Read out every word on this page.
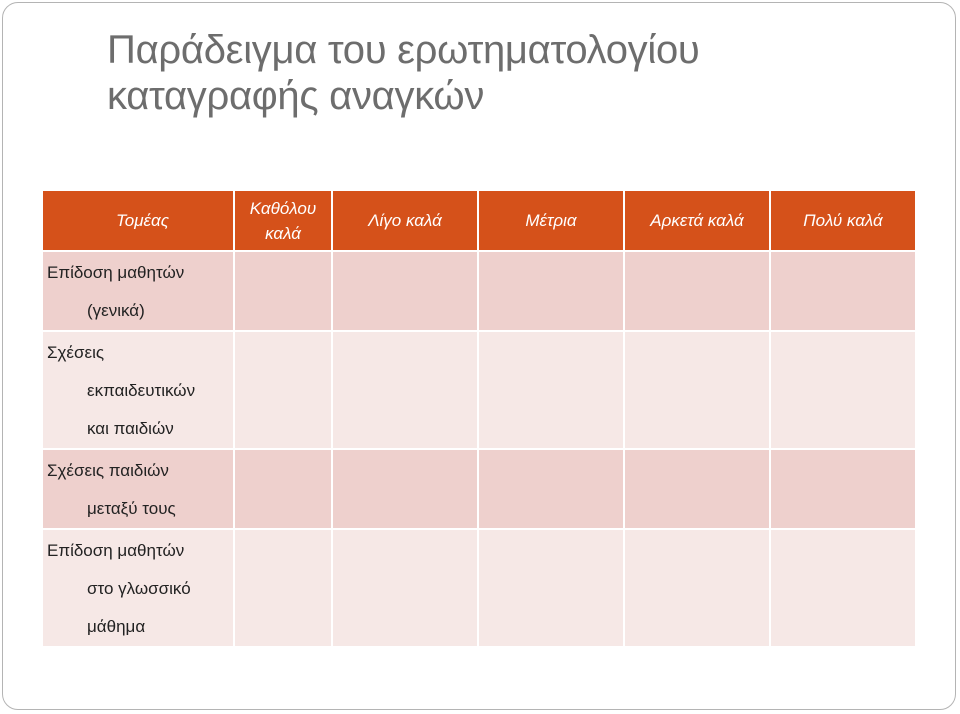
Παράδειγμα του ερωτηματολογίου καταγραφής αναγκών
Τομέας	Καθόλου καλά	Λίγο καλά	Μέτρια	Αρκετά καλά	Πολύ καλά
Επίδοση μαθητών
(γενικά)					

Σχέσεις
εκπαιδευτικών
και παιδιών					

Σχέσεις παιδιών
μεταξύ τους					

Επίδοση μαθητών
στο γλωσσικό
μάθημα					
